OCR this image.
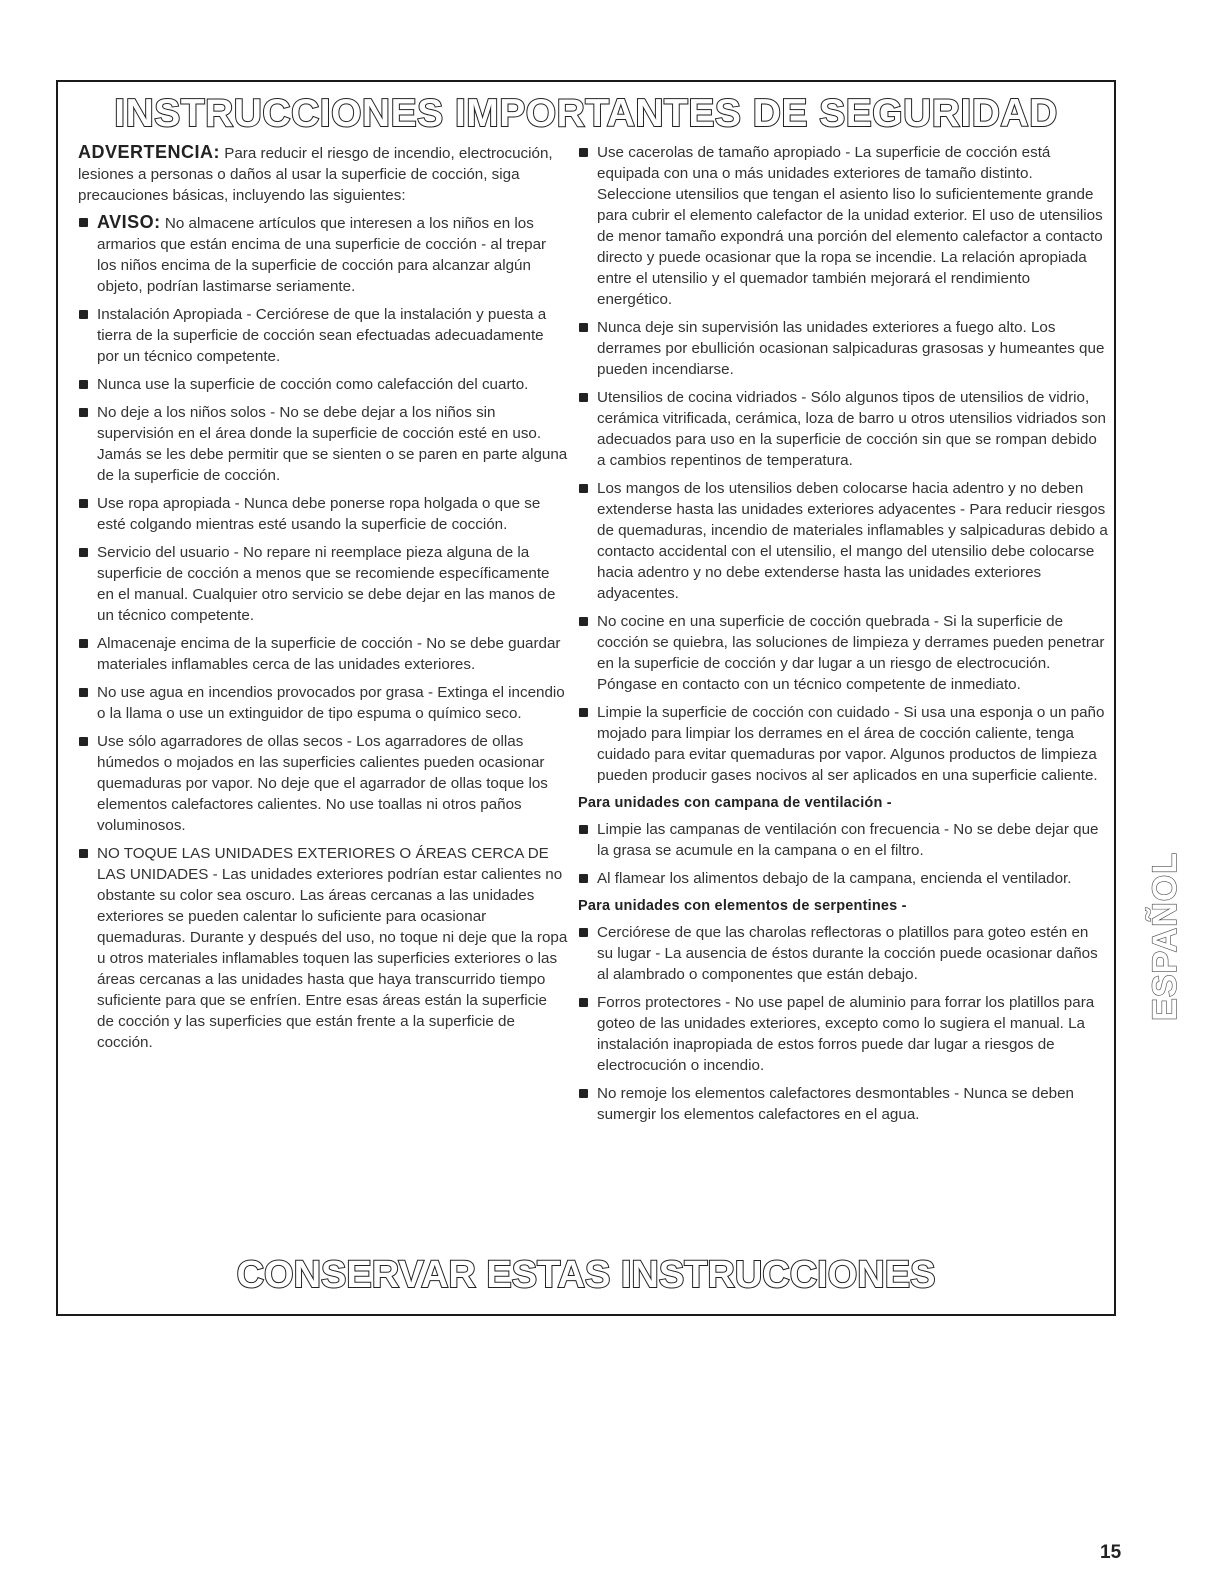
INSTRUCCIONES IMPORTANTES DE SEGURIDAD

ADVERTENCIA: Para reducir el riesgo de incendio, electrocución, lesiones a personas o daños al usar la superficie de cocción, siga precauciones básicas, incluyendo las siguientes:

AVISO: No almacene artículos que interesen a los niños en los armarios que están encima de una superficie de cocción - al trepar los niños encima de la superficie de cocción para alcanzar algún objeto, podrían lastimarse seriamente.
Instalación Apropiada - Cerciórese de que la instalación y puesta a tierra de la superficie de cocción sean efectuadas adecuadamente por un técnico competente.
Nunca use la superficie de cocción como calefacción del cuarto.
No deje a los niños solos - No se debe dejar a los niños sin supervisión en el área donde la superficie de cocción esté en uso. Jamás se les debe permitir que se sienten o se paren en parte alguna de la superficie de cocción.
Use ropa apropiada - Nunca debe ponerse ropa holgada o que se esté colgando mientras esté usando la superficie de cocción.
Servicio del usuario - No repare ni reemplace pieza alguna de la superficie de cocción a menos que se recomiende específicamente en el manual. Cualquier otro servicio se debe dejar en las manos de un técnico competente.
Almacenaje encima de la superficie de cocción - No se debe guardar materiales inflamables cerca de las unidades exteriores.
No use agua en incendios provocados por grasa - Extinga el incendio o la llama o use un extinguidor de tipo espuma o químico seco.
Use sólo agarradores de ollas secos - Los agarradores de ollas húmedos o mojados en las superficies calientes pueden ocasionar quemaduras por vapor. No deje que el agarrador de ollas toque los elementos calefactores calientes. No use toallas ni otros paños voluminosos.
NO TOQUE LAS UNIDADES EXTERIORES O ÁREAS CERCA DE LAS UNIDADES - Las unidades exteriores podrían estar calientes no obstante su color sea oscuro. Las áreas cercanas a las unidades exteriores se pueden calentar lo suficiente para ocasionar quemaduras. Durante y después del uso, no toque ni deje que la ropa u otros materiales inflamables toquen las superficies exteriores o las áreas cercanas a las unidades hasta que haya transcurrido tiempo suficiente para que se enfríen. Entre esas áreas están la superficie de cocción y las superficies que están frente a la superficie de cocción.
Use cacerolas de tamaño apropiado - La superficie de cocción está equipada con una o más unidades exteriores de tamaño distinto. Seleccione utensilios que tengan el asiento liso lo suficientemente grande para cubrir el elemento calefactor de la unidad exterior. El uso de utensilios de menor tamaño expondrá una porción del elemento calefactor a contacto directo y puede ocasionar que la ropa se incendie. La relación apropiada entre el utensilio y el quemador también mejorará el rendimiento energético.
Nunca deje sin supervisión las unidades exteriores a fuego alto. Los derrames por ebullición ocasionan salpicaduras grasosas y humeantes que pueden incendiarse.
Utensilios de cocina vidriados - Sólo algunos tipos de utensilios de vidrio, cerámica vitrificada, cerámica, loza de barro u otros utensilios vidriados son adecuados para uso en la superficie de cocción sin que se rompan debido a cambios repentinos de temperatura.
Los mangos de los utensilios deben colocarse hacia adentro y no deben extenderse hasta las unidades exteriores adyacentes - Para reducir riesgos de quemaduras, incendio de materiales inflamables y salpicaduras debido a contacto accidental con el utensilio, el mango del utensilio debe colocarse hacia adentro y no debe extenderse hasta las unidades exteriores adyacentes.
No cocine en una superficie de cocción quebrada - Si la superficie de cocción se quiebra, las soluciones de limpieza y derrames pueden penetrar en la superficie de cocción y dar lugar a un riesgo de electrocución. Póngase en contacto con un técnico competente de inmediato.
Limpie la superficie de cocción con cuidado - Si usa una esponja o un paño mojado para limpiar los derrames en el área de cocción caliente, tenga cuidado para evitar quemaduras por vapor. Algunos productos de limpieza pueden producir gases nocivos al ser aplicados en una superficie caliente.
Para unidades con campana de ventilación -
Limpie las campanas de ventilación con frecuencia - No se debe dejar que la grasa se acumule en la campana o en el filtro.
Al flamear los alimentos debajo de la campana, encienda el ventilador.
Para unidades con elementos de serpentines -
Cerciórese de que las charolas reflectoras o platillos para goteo estén en su lugar - La ausencia de éstos durante la cocción puede ocasionar daños al alambrado o componentes que están debajo.
Forros protectores - No use papel de aluminio para forrar los platillos para goteo de las unidades exteriores, excepto como lo sugiera el manual. La instalación inapropiada de estos forros puede dar lugar a riesgos de electrocución o incendio.
No remoje los elementos calefactores desmontables - Nunca se deben sumergir los elementos calefactores en el agua.
CONSERVAR ESTAS INSTRUCCIONES
ESPAÑOL
15
